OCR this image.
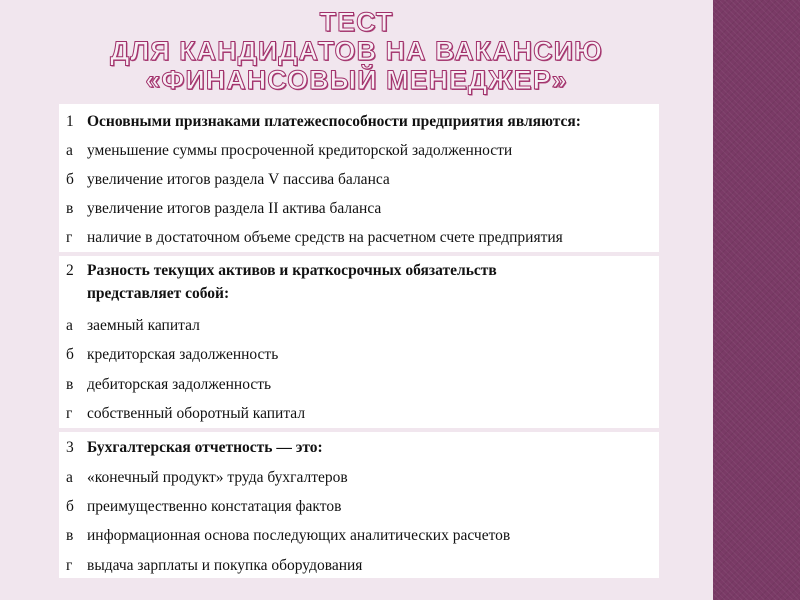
ТЕСТ
ДЛЯ КАНДИДАТОВ НА ВАКАНСИЮ
«ФИНАНСОВЫЙ МЕНЕДЖЕР»
1 Основными признаками платежеспособности предприятия являются:
а уменьшение суммы просроченной кредиторской задолженности
б увеличение итогов раздела V пассива баланса
в увеличение итогов раздела II актива баланса
г наличие в достаточном объеме средств на расчетном счете предприятия
2 Разность текущих активов и краткосрочных обязательств представляет собой:
а заемный капитал
б кредиторская задолженность
в дебиторская задолженность
г собственный оборотный капитал
3 Бухгалтерская отчетность — это:
а «конечный продукт» труда бухгалтеров
б преимущественно констатация фактов
в информационная основа последующих аналитических расчетов
г выдача зарплаты и покупка оборудования
